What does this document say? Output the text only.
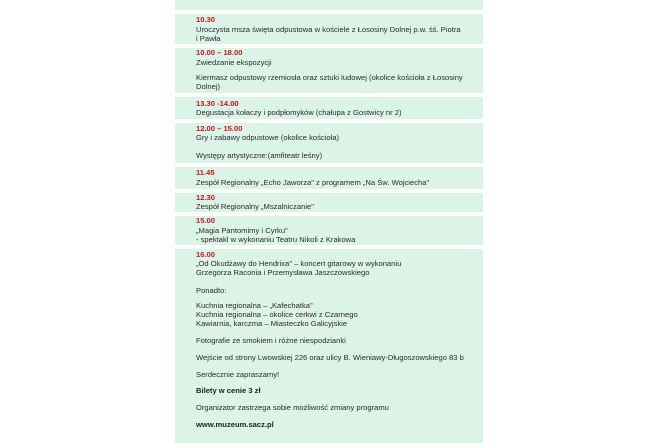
10.30
Uroczysta msza święta odpustowa w kościele z Łososiny Dolnej p.w. śś. Piotra
i Pawła
10.00 – 18.00
Zwiedzanie ekspozycji
Kiermasz odpustowy rzemiosła oraz sztuki ludowej (okolice kościoła z Łososiny
Dolnej)
13.30 -14.00
Degustacja kołaczy i podpłomyków (chałupa z Gostwicy nr 2)
12.00 – 15.00
Gry i zabawy odpustowe (okolice kościoła)
Występy artystyczne:(amfiteatr leśny)
11.45
Zespół Regionalny „Echo Jaworza" z programem „Na Św. Wojciecha"
12.30
Zespół Regionalny „Mszalniczanie"
15.00
„Magia Pantomimy i Cyrku"
- spektakl w wykonaniu Teatru Nikoli z Krakowa
16.00
„Od Okudżawy do Hendrixa" – koncert gitarowy w wykonaniu
Grzegorza Raconia i Przemysława Jaszczowskiego
Ponadto:
Kuchnia regionalna – „Kafechatka"
Kuchnia regionalna – okolice cerkwi z Czarnego
Kawiarnia, karczma – Miasteczko Galicyjskie
Fotografie ze smokiem i różne niespodzianki
Wejście od strony Lwowskiej 226 oraz ulicy B. Wieniawy-Długoszowskiego 83 b
Serdecznie zapraszamy!
Bilety w cenie 3 zł
Organizator zastrzega sobie możliwość zmiany programu
www.muzeum.sacz.pl
